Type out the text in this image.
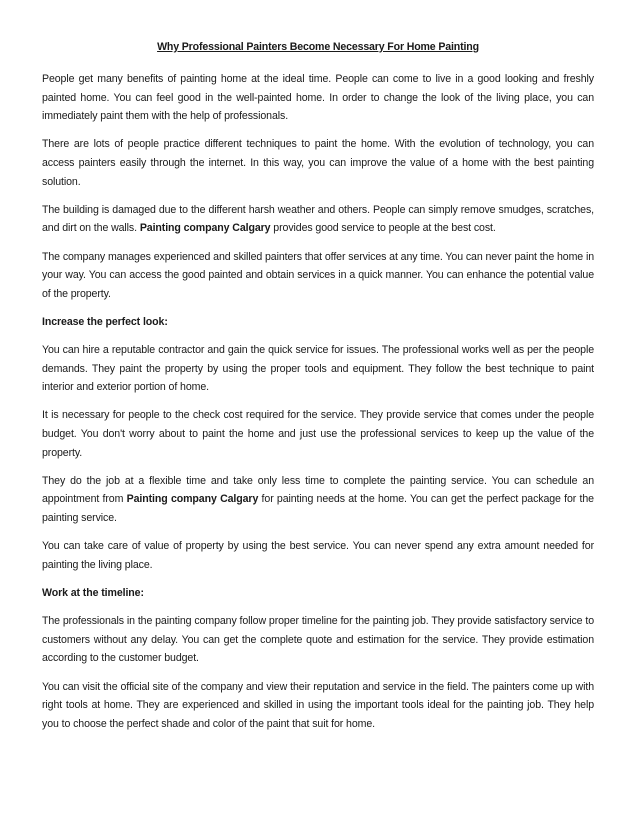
Why Professional Painters Become Necessary For Home Painting

People get many benefits of painting home at the ideal time. People can come to live in a good looking and freshly painted home. You can feel good in the well-painted home. In order to change the look of the living place, you can immediately paint them with the help of professionals.

There are lots of people practice different techniques to paint the home. With the evolution of technology, you can access painters easily through the internet. In this way, you can improve the value of a home with the best painting solution.

The building is damaged due to the different harsh weather and others. People can simply remove smudges, scratches, and dirt on the walls. Painting company Calgary provides good service to people at the best cost.

The company manages experienced and skilled painters that offer services at any time. You can never paint the home in your way. You can access the good painted and obtain services in a quick manner. You can enhance the potential value of the property.

Increase the perfect look:

You can hire a reputable contractor and gain the quick service for issues. The professional works well as per the people demands. They paint the property by using the proper tools and equipment. They follow the best technique to paint interior and exterior portion of home.

It is necessary for people to the check cost required for the service. They provide service that comes under the people budget. You don't worry about to paint the home and just use the professional services to keep up the value of the property.

They do the job at a flexible time and take only less time to complete the painting service. You can schedule an appointment from Painting company Calgary for painting needs at the home. You can get the perfect package for the painting service.

You can take care of value of property by using the best service. You can never spend any extra amount needed for painting the living place.

Work at the timeline:

The professionals in the painting company follow proper timeline for the painting job. They provide satisfactory service to customers without any delay. You can get the complete quote and estimation for the service. They provide estimation according to the customer budget.

You can visit the official site of the company and view their reputation and service in the field. The painters come up with right tools at home. They are experienced and skilled in using the important tools ideal for the painting job. They help you to choose the perfect shade and color of the paint that suit for home.
